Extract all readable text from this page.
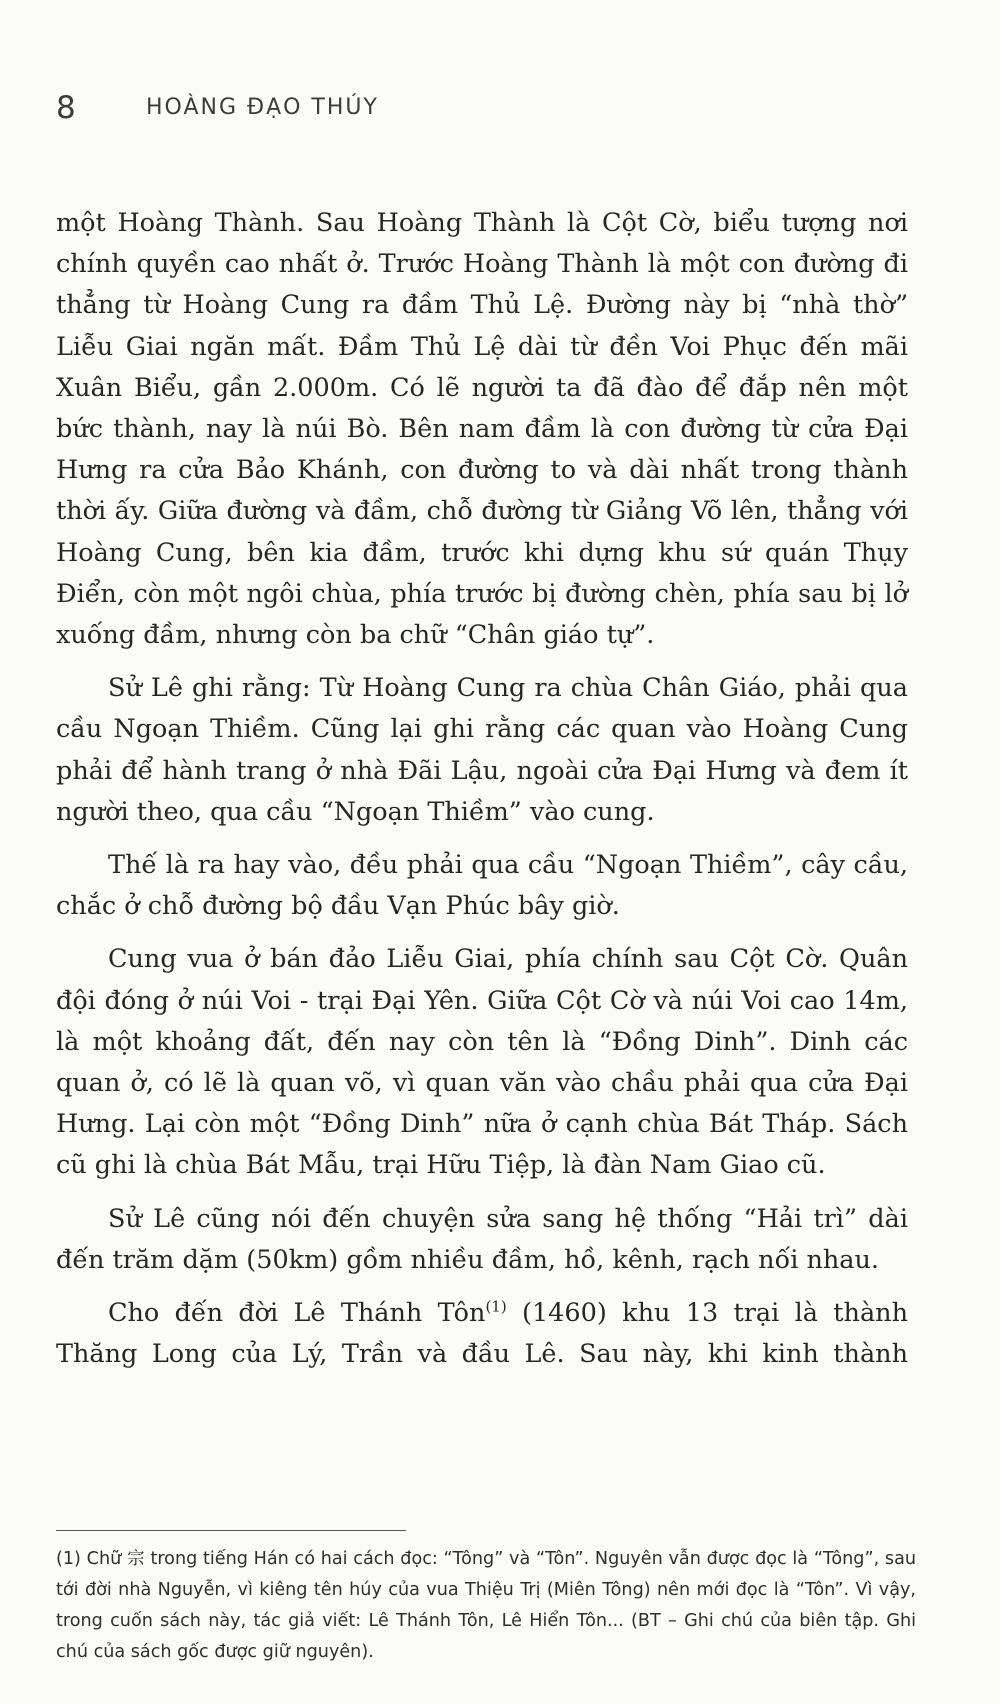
8	HOÀNG ĐẠO THÚY

một Hoàng Thành. Sau Hoàng Thành là Cột Cờ, biểu tượng nơi chính quyền cao nhất ở. Trước Hoàng Thành là một con đường đi thẳng từ Hoàng Cung ra đầm Thủ Lệ. Đường này bị “nhà thờ” Liễu Giai ngăn mất. Đầm Thủ Lệ dài từ đền Voi Phục đến mãi Xuân Biểu, gần 2.000m. Có lẽ người ta đã đào để đắp nên một bức thành, nay là núi Bò. Bên nam đầm là con đường từ cửa Đại Hưng ra cửa Bảo Khánh, con đường to và dài nhất trong thành thời ấy. Giữa đường và đầm, chỗ đường từ Giảng Võ lên, thẳng với Hoàng Cung, bên kia đầm, trước khi dựng khu sứ quán Thụy Điển, còn một ngôi chùa, phía trước bị đường chèn, phía sau bị lở xuống đầm, nhưng còn ba chữ “Chân giáo tự”.

Sử Lê ghi rằng: Từ Hoàng Cung ra chùa Chân Giáo, phải qua cầu Ngoạn Thiềm. Cũng lại ghi rằng các quan vào Hoàng Cung phải để hành trang ở nhà Đãi Lậu, ngoài cửa Đại Hưng và đem ít người theo, qua cầu “Ngoạn Thiềm” vào cung.

Thế là ra hay vào, đều phải qua cầu “Ngoạn Thiềm”, cây cầu, chắc ở chỗ đường bộ đầu Vạn Phúc bây giờ.

Cung vua ở bán đảo Liễu Giai, phía chính sau Cột Cờ. Quân đội đóng ở núi Voi - trại Đại Yên. Giữa Cột Cờ và núi Voi cao 14m, là một khoảng đất, đến nay còn tên là “Đồng Dinh”. Dinh các quan ở, có lẽ là quan võ, vì quan văn vào chầu phải qua cửa Đại Hưng. Lại còn một “Đồng Dinh” nữa ở cạnh chùa Bát Tháp. Sách cũ ghi là chùa Bát Mẫu, trại Hữu Tiệp, là đàn Nam Giao cũ.

Sử Lê cũng nói đến chuyện sửa sang hệ thống “Hải trì” dài đến trăm dặm (50km) gồm nhiều đầm, hồ, kênh, rạch nối nhau.

Cho đến đời Lê Thánh Tôn$^{(1)}$ (1460) khu 13 trại là thành Thăng Long của Lý, Trần và đầu Lê. Sau này, khi kinh thành

(1) Chữ 宗 trong tiếng Hán có hai cách đọc: “Tông” và “Tôn”. Nguyên vẫn được đọc là “Tông”, sau tới đời nhà Nguyễn, vì kiêng tên húy của vua Thiệu Trị (Miên Tông) nên mới đọc là “Tôn”. Vì vậy, trong cuốn sách này, tác giả viết: Lê Thánh Tôn, Lê Hiển Tôn... (BT – Ghi chú của biên tập. Ghi chú của sách gốc được giữ nguyên).
